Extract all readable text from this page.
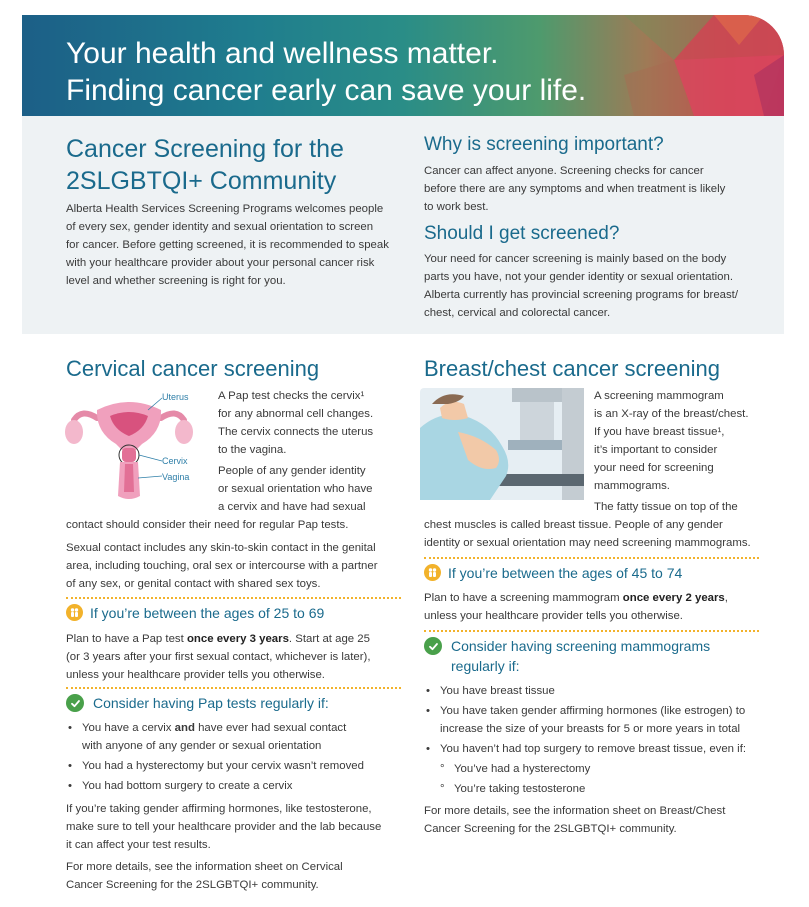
Your health and wellness matter.
Finding cancer early can save your life.
Cancer Screening for the
2SLGBTQI+ Community

Alberta Health Services Screening Programs welcomes people
of every sex, gender identity and sexual orientation to screen
for cancer. Before getting screened, it is recommended to speak
with your healthcare provider about your personal cancer risk
level and whether screening is right for you.

Why is screening important?

Cancer can affect anyone. Screening checks for cancer
before there are any symptoms and when treatment is likely
to work best.

Should I get screened?

Your need for cancer screening is mainly based on the body
parts you have, not your gender identity or sexual orientation.
Alberta currently has provincial screening programs for breast/
chest, cervical and colorectal cancer.

Cervical cancer screening
Uterus
Cervix
Vagina

A Pap test checks the cervix¹
for any abnormal cell changes.
The cervix connects the uterus
to the vagina.

People of any gender identity
or sexual orientation who have
a cervix and have had sexual

contact should consider their need for regular Pap tests.

Sexual contact includes any skin-to-skin contact in the genital
area, including touching, oral sex or intercourse with a partner
of any sex, or genital contact with shared sex toys.

If you’re between the ages of 25 to 69

Plan to have a Pap test once every 3 years. Start at age 25
(or 3 years after your first sexual contact, whichever is later),
unless your healthcare provider tells you otherwise.

Consider having Pap tests regularly if:
• You have a cervix and have ever had sexual contact
with anyone of any gender or sexual orientation
• You had a hysterectomy but your cervix wasn’t removed
• You had bottom surgery to create a cervix

If you’re taking gender affirming hormones, like testosterone,
make sure to tell your healthcare provider and the lab because
it can affect your test results.

For more details, see the information sheet on Cervical
Cancer Screening for the 2SLGBTQI+ community.

Breast/chest cancer screening

A screening mammogram
is an X-ray of the breast/chest.
If you have breast tissue¹,
it’s important to consider
your need for screening
mammograms.

The fatty tissue on top of the

chest muscles is called breast tissue. People of any gender
identity or sexual orientation may need screening mammograms.

If you’re between the ages of 45 to 74

Plan to have a screening mammogram once every 2 years,
unless your healthcare provider tells you otherwise.

Consider having screening mammograms
regularly if:
• You have breast tissue
• You have taken gender affirming hormones (like estrogen) to
increase the size of your breasts for 5 or more years in total
• You haven’t had top surgery to remove breast tissue, even if:
° You’ve had a hysterectomy
° You’re taking testosterone

For more details, see the information sheet on Breast/Chest
Cancer Screening for the 2SLGBTQI+ community.
